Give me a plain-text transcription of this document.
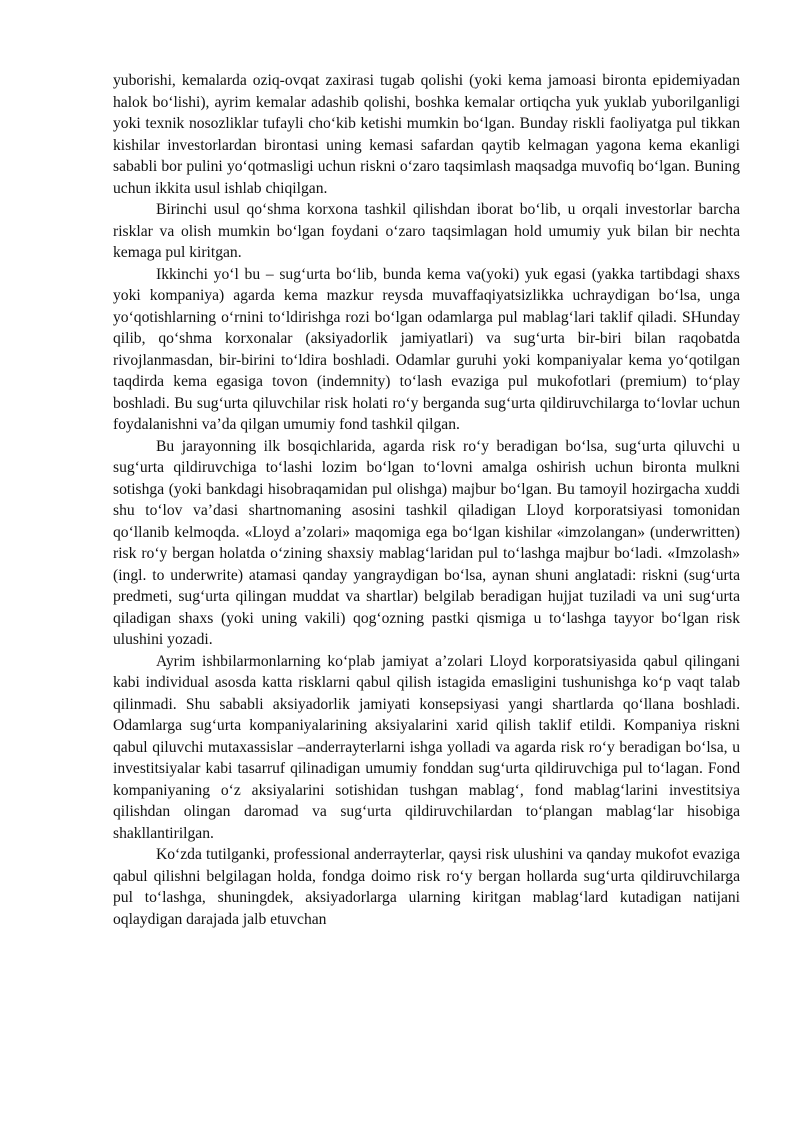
yuborishi, kemalarda oziq-ovqat zaxirasi tugab qolishi (yoki kema jamoasi bironta epidemiyadan halok bo‘lishi), ayrim kemalar adashib qolishi, boshka kemalar ortiqcha yuk yuklab yuborilganligi yoki texnik nosozliklar tufayli cho‘kib ketishi mumkin bo‘lgan. Bunday riskli faoliyatga pul tikkan kishilar investorlardan birontasi uning kemasi safardan qaytib kelmagan yagona kema ekanligi sababli bor pulini yo‘qotmasligi uchun riskni o‘zaro taqsimlash maqsadga muvofiq bo‘lgan. Buning uchun ikkita usul ishlab chiqilgan.

Birinchi usul qo‘shma korxona tashkil qilishdan iborat bo‘lib, u orqali investorlar barcha risklar va olish mumkin bo‘lgan foydani o‘zaro taqsimlagan hold umumiy yuk bilan bir nechta kemaga pul kiritgan.

Ikkinchi yo‘l bu – sug‘urta bo‘lib, bunda kema va(yoki) yuk egasi (yakka tartibdagi shaxs yoki kompaniya) agarda kema mazkur reysda muvaffaqiyatsizlikka uchraydigan bo‘lsa, unga yo‘qotishlarning o‘rnini to‘ldirishga rozi bo‘lgan odamlarga pul mablag‘lari taklif qiladi. SHunday qilib, qo‘shma korxonalar (aksiyadorlik jamiyatlari) va sug‘urta bir-biri bilan raqobatda rivojlanmasdan, bir-birini to‘ldira boshladi. Odamlar guruhi yoki kompaniyalar kema yo‘qotilgan taqdirda kema egasiga tovon (indemnity) to‘lash evaziga pul mukofotlari (premium) to‘play boshladi. Bu sug‘urta qiluvchilar risk holati ro‘y berganda sug‘urta qildiruvchilarga to‘lovlar uchun foydalanishni va’da qilgan umumiy fond tashkil qilgan.

Bu jarayonning ilk bosqichlarida, agarda risk ro‘y beradigan bo‘lsa, sug‘urta qiluvchi u sug‘urta qildiruvchiga to‘lashi lozim bo‘lgan to‘lovni amalga oshirish uchun bironta mulkni sotishga (yoki bankdagi hisobraqamidan pul olishga) majbur bo‘lgan. Bu tamoyil hozirgacha xuddi shu to‘lov va’dasi shartnomaning asosini tashkil qiladigan Lloyd korporatsiyasi tomonidan qo‘llanib kelmoqda. «Lloyd a’zolari» maqomiga ega bo‘lgan kishilar «imzolangan» (underwritten) risk ro‘y bergan holatda o‘zining shaxsiy mablag‘laridan pul to‘lashga majbur bo‘ladi. «Imzolash» (ingl. to underwrite) atamasi qanday yangraydigan bo‘lsa, aynan shuni anglatadi: riskni (sug‘urta predmeti, sug‘urta qilingan muddat va shartlar) belgilab beradigan hujjat tuziladi va uni sug‘urta qiladigan shaxs (yoki uning vakili) qog‘ozning pastki qismiga u to‘lashga tayyor bo‘lgan risk ulushini yozadi.

Ayrim ishbilarmonlarning ko‘plab jamiyat a’zolari Lloyd korporatsiyasida qabul qilingani kabi individual asosda katta risklarni qabul qilish istagida emasligini tushunishga ko‘p vaqt talab qilinmadi. Shu sababli aksiyadorlik jamiyati konsepsiyasi yangi shartlarda qo‘llana boshladi. Odamlarga sug‘urta kompaniyalarining aksiyalarini xarid qilish taklif etildi. Kompaniya riskni qabul qiluvchi mutaxassislar –anderrayterlarni ishga yolladi va agarda risk ro‘y beradigan bo‘lsa, u investitsiyalar kabi tasarruf qilinadigan umumiy fonddan sug‘urta qildiruvchiga pul to‘lagan. Fond kompaniyaning o‘z aksiyalarini sotishidan tushgan mablag‘, fond mablag‘larini investitsiya qilishdan olingan daromad va sug‘urta qildiruvchilardan to‘plangan mablag‘lar hisobiga shakllantirilgan.

Ko‘zda tutilganki, professional anderrayterlar, qaysi risk ulushini va qanday mukofot evaziga qabul qilishni belgilagan holda, fondga doimo risk ro‘y bergan hollarda sug‘urta qildiruvchilarga pul to‘lashga, shuningdek, aksiyadorlarga ularning kiritgan mablag‘lard kutadigan natijani oqlaydigan darajada jalb etuvchan
